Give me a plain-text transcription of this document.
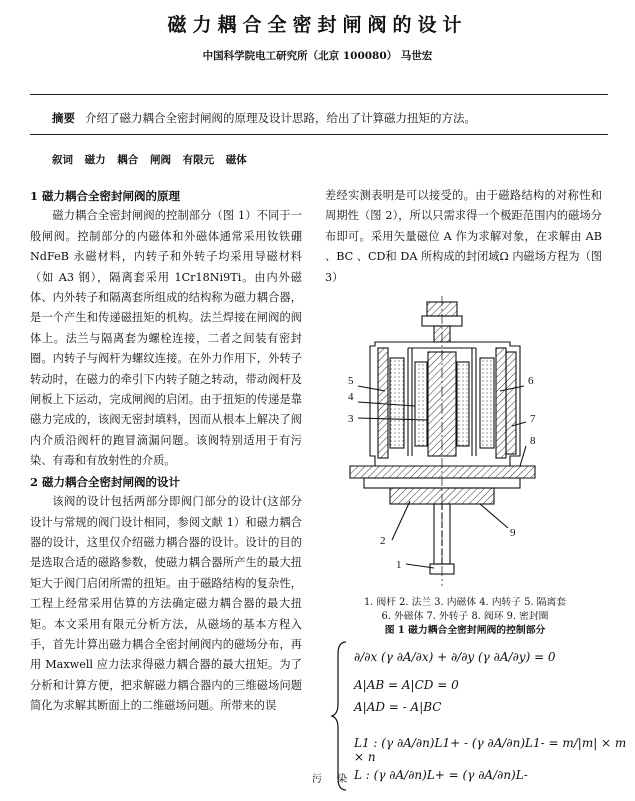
磁力耦合全密封闸阀的设计
中国科学院电工研究所（北京 100080） 马世宏
摘要 介绍了磁力耦合全密封闸阀的原理及设计思路，给出了计算磁力扭矩的方法。
叙词 磁力 耦合 闸阀 有限元 磁体
1 磁力耦合全密封闸阀的原理

磁力耦合全密封闸阀的控制部分（图 1）不同于一般闸阀。控制部分的内磁体和外磁体通常采用钕铁硼 NdFeB 永磁材料，内转子和外转子均采用导磁材料（如 A3 钢），隔离套采用 1Cr18Ni9Ti。由内外磁体、内外转子和隔离套所组成的结构称为磁力耦合器，是一个产生和传递磁扭矩的机构。法兰焊接在闸阀的阀体上。法兰与隔离套为螺栓连接，二者之间装有密封圈。内转子与阀杆为螺纹连接。在外力作用下，外转子转动时，在磁力的牵引下内转子随之转动，带动阀杆及闸板上下运动，完成闸阀的启闭。由于扭矩的传递是靠磁力完成的，该阀无密封填料，因而从根本上解决了阀内介质沿阀杆的跑冒滴漏问题。该阀特别适用于有污染、有毒和有放射性的介质。

2 磁力耦合全密封闸阀的设计

该阀的设计包括两部分即阀门部分的设计(这部分设计与常规的阀门设计相同，参阅文献 1）和磁力耦合器的设计，这里仅介绍磁力耦合器的设计。设计的目的是选取合适的磁路参数，使磁力耦合器所产生的最大扭矩大于阀门启闭所需的扭矩。由于磁路结构的复杂性，工程上经常采用估算的方法确定磁力耦合器的最大扭矩。本文采用有限元分析方法，从磁场的基本方程入手，首先计算出磁力耦合全密封闸阀内的磁场分布，再用 Maxwell 应力法求得磁力耦合器的最大扭矩。为了分析和计算方便，把求解磁力耦合器内的三维磁场问题简化为求解其断面上的二维磁场问题。所带来的误

差经实测表明是可以接受的。由于磁路结构的对称性和周期性（图 2），所以只需求得一个极距范围内的磁场分布即可。采用矢量磁位 A 作为求解对象，在求解由 AB 、BC 、CD和 DA 所构成的封闭域Ω 内磁场方程为（图 3）
5
4
3
6
7
8
9
2
1
1. 阀杆 2. 法兰 3. 内磁体 4. 内转子 5. 隔离套
6. 外磁体 7. 外转子 8. 阀环 9. 密封圈
图 1 磁力耦合全密封闸阀的控制部分
∂/∂x (γ ∂A/∂x) + ∂/∂y (γ ∂A/∂y) = 0
A|AB = A|CD = 0
A|AD = - A|BC
L1 : (γ ∂A/∂n)L1+ - (γ ∂A/∂n)L1- = m/|m| × m × n
L : (γ ∂A/∂n)L+ = (γ ∂A/∂n)L-
污 染
